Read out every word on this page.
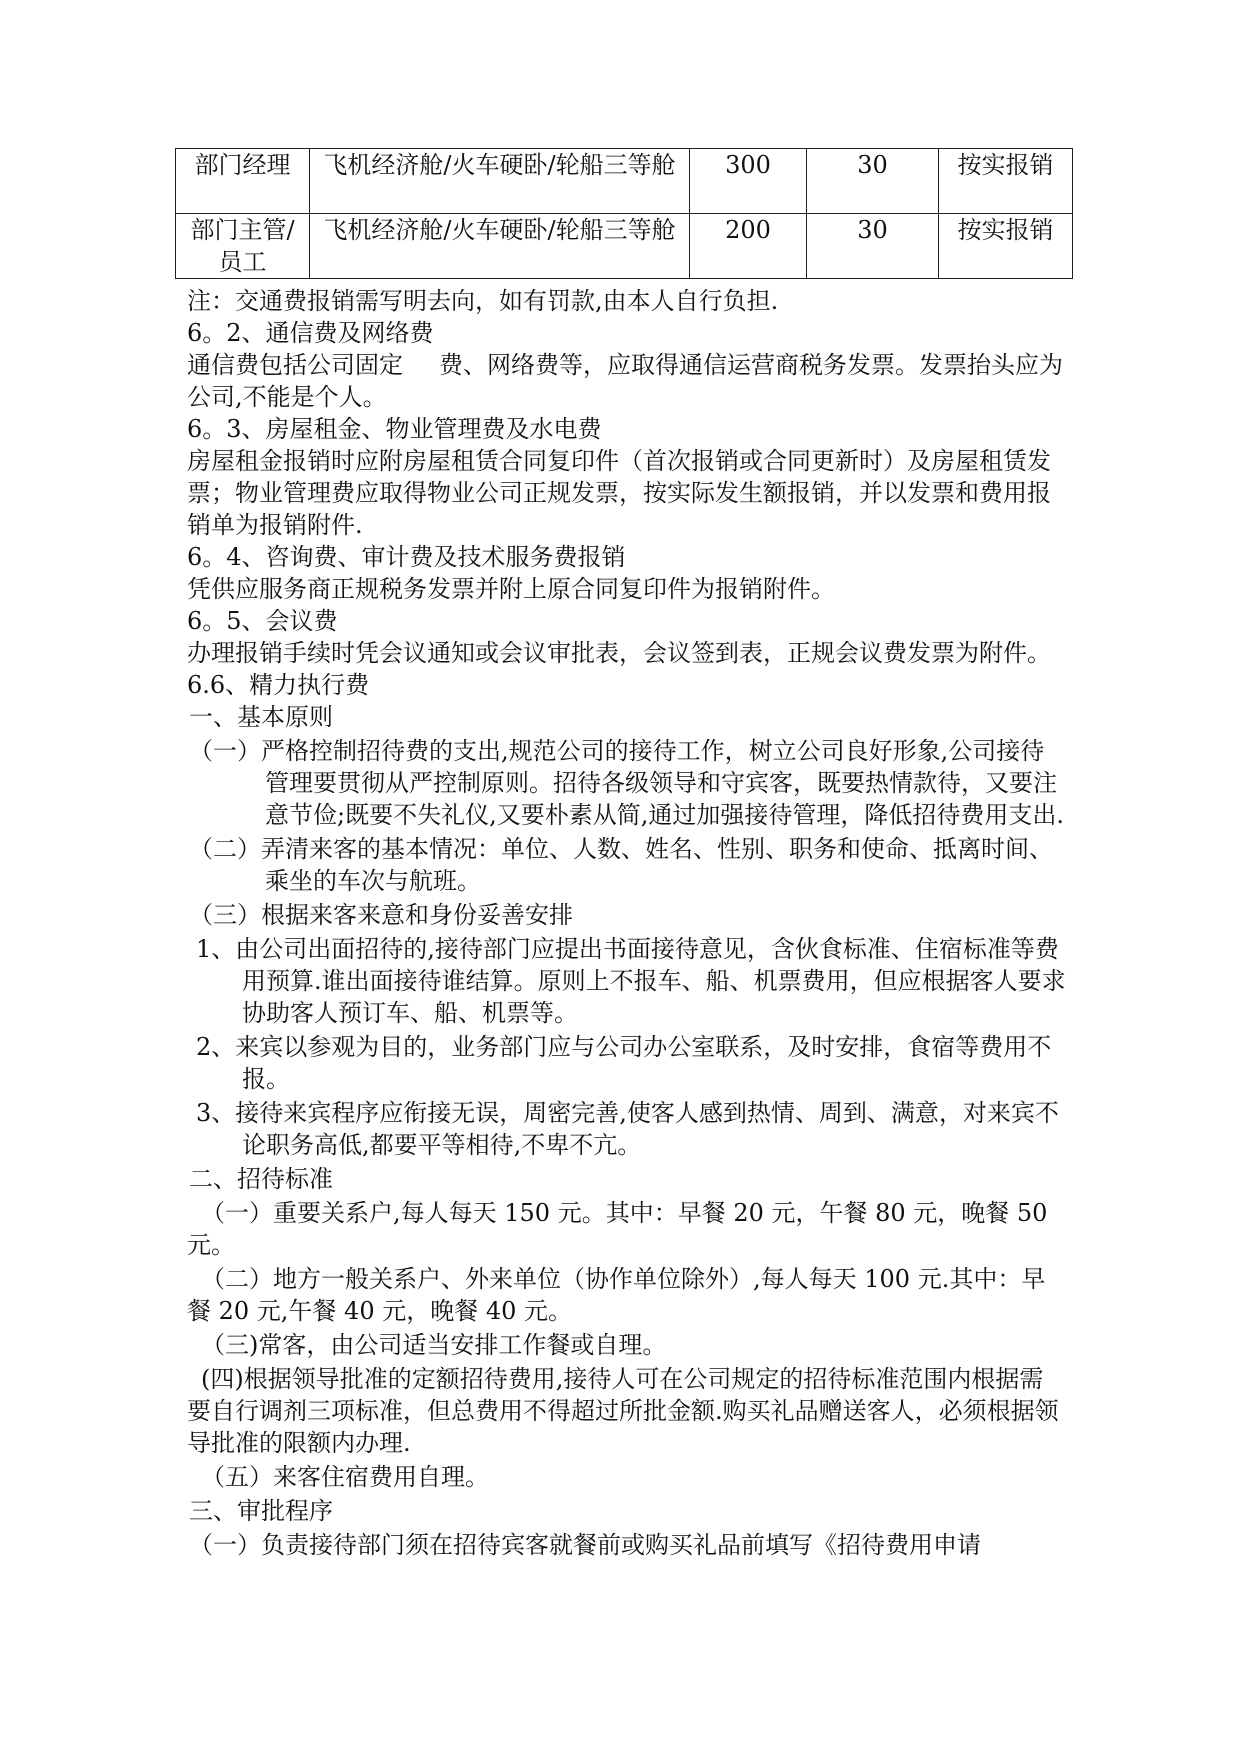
部门经理	飞机经济舱/火车硬卧/轮船三等舱	300	30	按实报销
部门主管/员工	飞机经济舱/火车硬卧/轮船三等舱	200	30	按实报销

注：交通费报销需写明去向，如有罚款,由本人自行负担.

6。2、通信费及网络费

通信费包括公司固定 费、网络费等，应取得通信运营商税务发票。发票抬头应为公司,不能是个人。

6。3、房屋租金、物业管理费及水电费

房屋租金报销时应附房屋租赁合同复印件（首次报销或合同更新时）及房屋租赁发票；物业管理费应取得物业公司正规发票，按实际发生额报销，并以发票和费用报销单为报销附件.

6。4、咨询费、审计费及技术服务费报销

凭供应服务商正规税务发票并附上原合同复印件为报销附件。

6。5、会议费

办理报销手续时凭会议通知或会议审批表，会议签到表，正规会议费发票为附件。

6.6、精力执行费

一、基本原则

（一）严格控制招待费的支出,规范公司的接待工作，树立公司良好形象,公司接待管理要贯彻从严控制原则。招待各级领导和守宾客，既要热情款待，又要注意节俭;既要不失礼仪,又要朴素从简,通过加强接待管理，降低招待费用支出.

（二）弄清来客的基本情况：单位、人数、姓名、性别、职务和使命、抵离时间、乘坐的车次与航班。

（三）根据来客来意和身份妥善安排

1、由公司出面招待的,接待部门应提出书面接待意见，含伙食标准、住宿标准等费用预算.谁出面接待谁结算。原则上不报车、船、机票费用，但应根据客人要求协助客人预订车、船、机票等。

2、来宾以参观为目的，业务部门应与公司办公室联系，及时安排，食宿等费用不报。

3、接待来宾程序应衔接无误，周密完善,使客人感到热情、周到、满意，对来宾不论职务高低,都要平等相待,不卑不亢。

二、招待标准

（一）重要关系户,每人每天 150 元。其中：早餐 20 元，午餐 80 元，晚餐 50 元。

（二）地方一般关系户、外来单位（协作单位除外）,每人每天 100 元.其中：早餐 20 元,午餐 40 元，晚餐 40 元。

（三)常客，由公司适当安排工作餐或自理。

(四)根据领导批准的定额招待费用,接待人可在公司规定的招待标准范围内根据需要自行调剂三项标准，但总费用不得超过所批金额.购买礼品赠送客人，必须根据领导批准的限额内办理.

（五）来客住宿费用自理。

三、审批程序

（一）负责接待部门须在招待宾客就餐前或购买礼品前填写《招待费用申请
